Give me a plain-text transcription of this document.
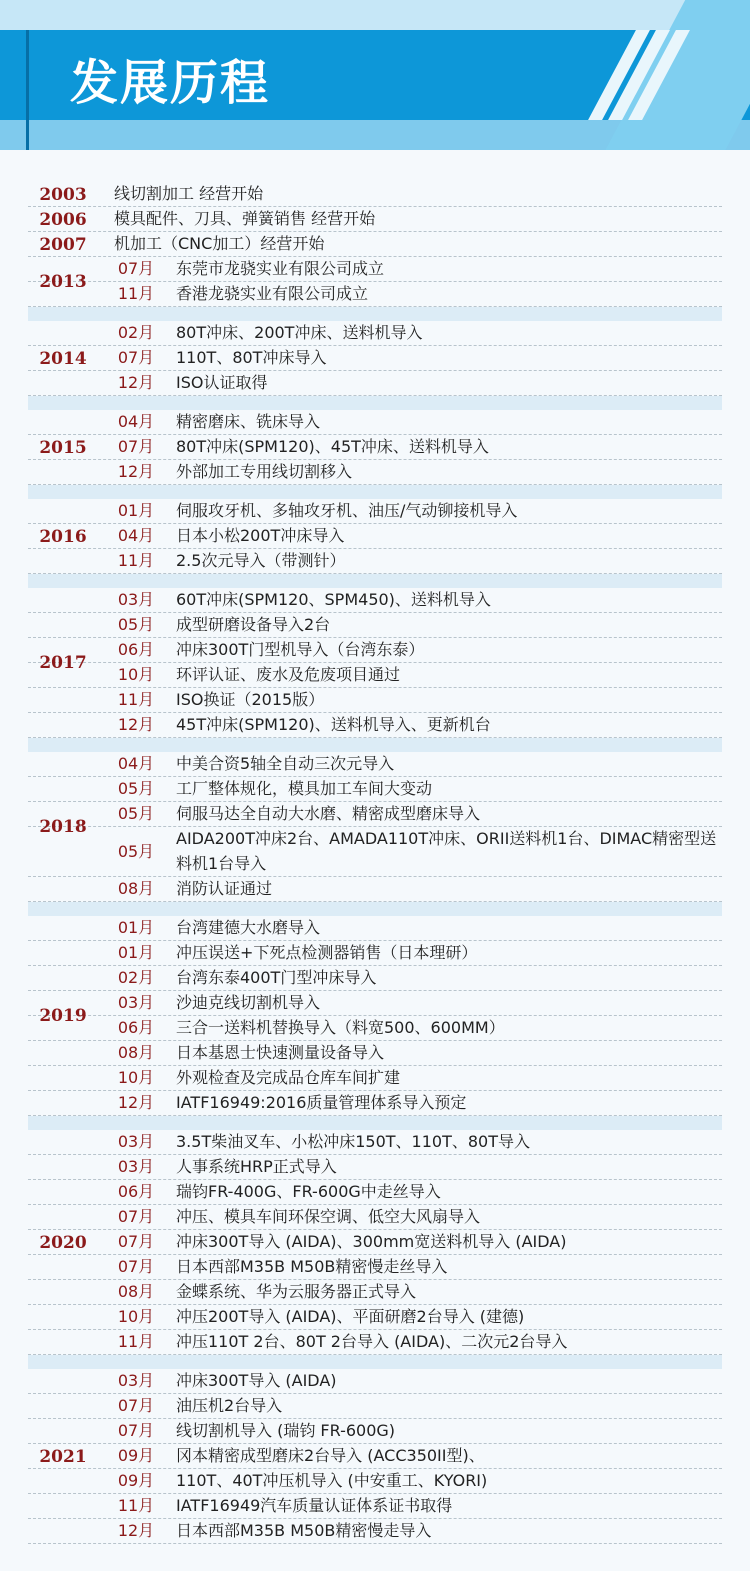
发展历程
线切割加工 经营开始
2003
模具配件、刀具、弹簧销售 经营开始
2006
机加工（CNC加工）经营开始
2007
07月 东莞市龙骁实业有限公司成立
11月 香港龙骁实业有限公司成立
2013
02月 80T冲床、200T冲床、送料机导入
07月 110T、80T冲床导入
12月 ISO认证取得
2014
04月 精密磨床、铣床导入
07月 80T冲床(SPM120)、45T冲床、送料机导入
12月 外部加工专用线切割移入
2015
01月 伺服攻牙机、多轴攻牙机、油压/气动铆接机导入
04月 日本小松200T冲床导入
11月 2.5次元导入（带测针）
2016
03月 60T冲床(SPM120、SPM450)、送料机导入
05月 成型研磨设备导入2台
06月 冲床300T门型机导入（台湾东泰）
10月 环评认证、废水及危废项目通过
11月 ISO换证（2015版）
12月 45T冲床(SPM120)、送料机导入、更新机台
2017
04月 中美合资5轴全自动三次元导入
05月 工厂整体规化，模具加工车间大变动
05月 伺服马达全自动大水磨、精密成型磨床导入
05月
AIDA200T冲床2台、AMADA110T冲床、ORII送料机1台、DIMAC精密型送料机1台导入
08月 消防认证通过
2018
01月 台湾建德大水磨导入
01月 冲压误送+下死点检测器销售（日本理研）
02月 台湾东泰400T门型冲床导入
03月 沙迪克线切割机导入
06月 三合一送料机替换导入（料宽500、600MM）
08月 日本基恩士快速测量设备导入
10月 外观检查及完成品仓库车间扩建
12月 IATF16949:2016质量管理体系导入预定
2019
03月 3.5T柴油叉车、小松冲床150T、110T、80T导入
03月 人事系统HRP正式导入
06月 瑞钧FR-400G、FR-600G中走丝导入
07月 冲压、模具车间环保空调、低空大风扇导入
07月 冲床300T导入 (AIDA)、300mm宽送料机导入 (AIDA)
07月 日本西部M35B M50B精密慢走丝导入
08月 金蝶系统、华为云服务器正式导入
10月 冲压200T导入 (AIDA)、平面研磨2台导入 (建德)
11月 冲压110T 2台、80T 2台导入 (AIDA)、二次元2台导入
2020
03月 冲床300T导入 (AIDA)
07月 油压机2台导入
07月 线切割机导入 (瑞钧 FR-600G)
09月 冈本精密成型磨床2台导入 (ACC350II型)、
09月 110T、40T冲压机导入 (中安重工、KYORI)
11月 IATF16949汽车质量认证体系证书取得
12月 日本西部M35B M50B精密慢走导入
2021
